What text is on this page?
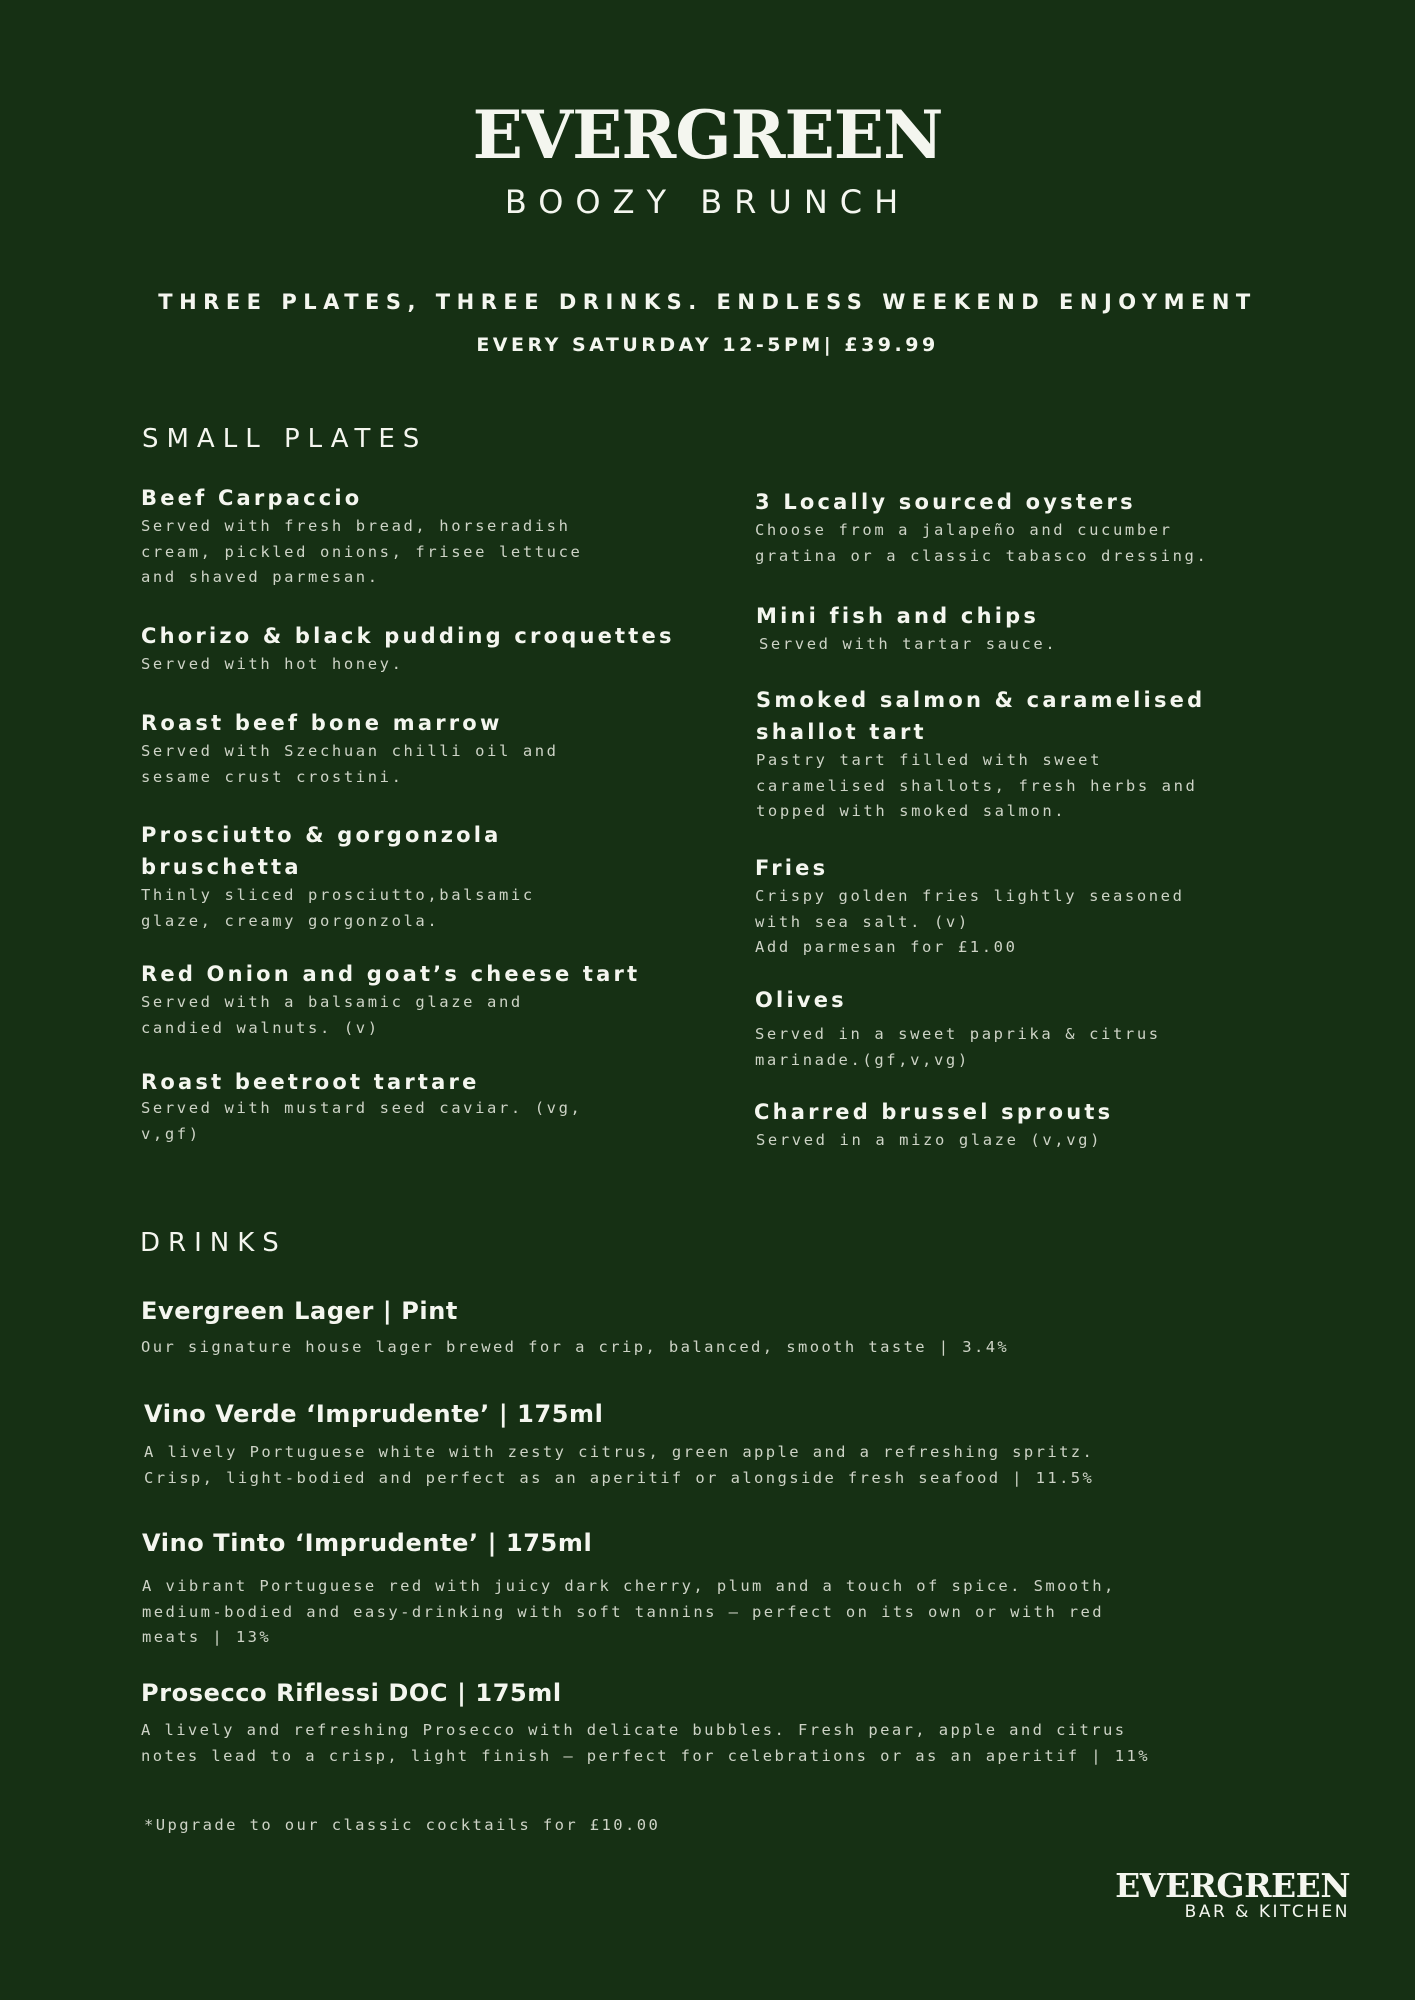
EVERGREEN
BOOZY BRUNCH
THREE PLATES, THREE DRINKS. ENDLESS WEEKEND ENJOYMENT
EVERY SATURDAY 12-5PM| £39.99
SMALL PLATES
Beef Carpaccio
Served with fresh bread, horseradish
cream, pickled onions, frisee lettuce
and shaved parmesan.
Chorizo & black pudding croquettes
Served with hot honey.
Roast beef bone marrow
Served with Szechuan chilli oil and
sesame crust crostini.
Prosciutto & gorgonzola
bruschetta
Thinly sliced prosciutto,balsamic
glaze, creamy gorgonzola.
Red Onion and goat’s cheese tart
Served with a balsamic glaze and
candied walnuts. (v)
Roast beetroot tartare
Served with mustard seed caviar. (vg,
v,gf)
3 Locally sourced oysters
Choose from a jalapeño and cucumber
gratina or a classic tabasco dressing.
Mini fish and chips
Served with tartar sauce.
Smoked salmon & caramelised
shallot tart
Pastry tart filled with sweet
caramelised shallots, fresh herbs and
topped with smoked salmon.
Fries
Crispy golden fries lightly seasoned
with sea salt. (v)
Add parmesan for £1.00
Olives
Served in a sweet paprika & citrus
marinade.(gf,v,vg)
Charred brussel sprouts
Served in a mizo glaze (v,vg)
DRINKS
Evergreen Lager | Pint
Our signature house lager brewed for a crip, balanced, smooth taste | 3.4%
Vino Verde ‘Imprudente’ | 175ml
A lively Portuguese white with zesty citrus, green apple and a refreshing spritz.
Crisp, light-bodied and perfect as an aperitif or alongside fresh seafood | 11.5%
Vino Tinto ‘Imprudente’ | 175ml
A vibrant Portuguese red with juicy dark cherry, plum and a touch of spice. Smooth,
medium-bodied and easy-drinking with soft tannins – perfect on its own or with red
meats | 13%
Prosecco Riflessi DOC | 175ml
A lively and refreshing Prosecco with delicate bubbles. Fresh pear, apple and citrus
notes lead to a crisp, light finish – perfect for celebrations or as an aperitif | 11%
*Upgrade to our classic cocktails for £10.00
EVERGREEN
BAR & KITCHEN
